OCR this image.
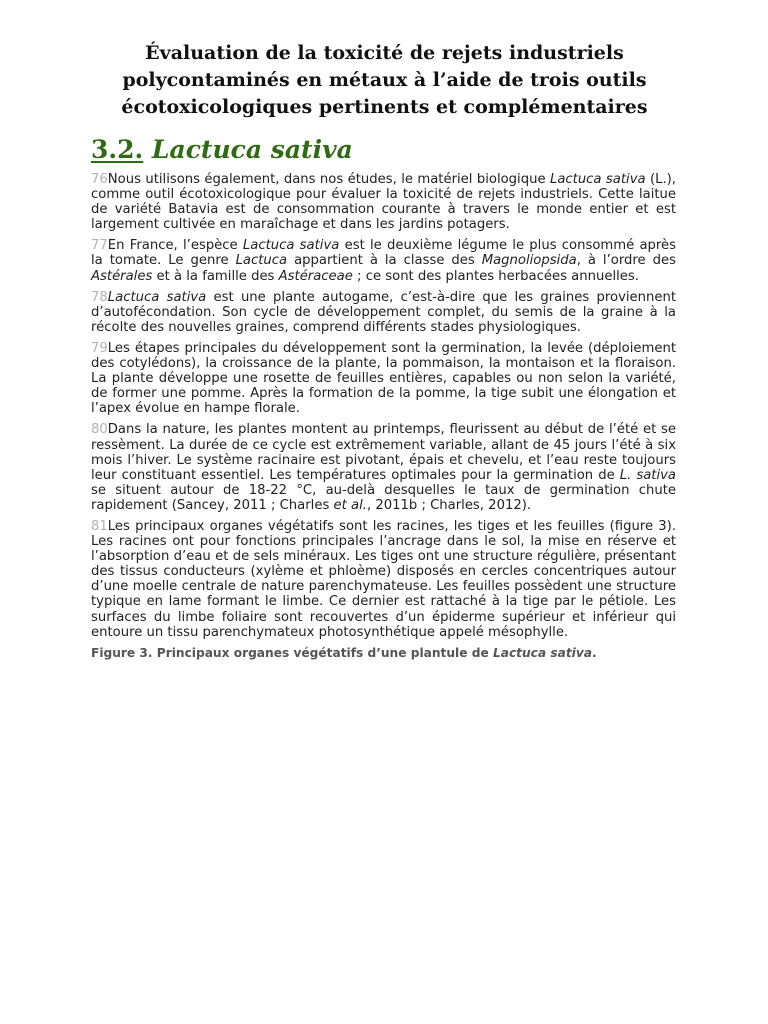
Évaluation de la toxicité de rejets industriels
polycontaminés en métaux à l’aide de trois outils
écotoxicologiques pertinents et complémentaires
3.2. Lactuca sativa

76Nous utilisons également, dans nos études, le matériel biologique Lactuca sativa (L.), comme outil écotoxicologique pour évaluer la toxicité de rejets industriels. Cette laitue de variété Batavia est de consommation courante à travers le monde entier et est largement cultivée en maraîchage et dans les jardins potagers.

77En France, l’espèce Lactuca sativa est le deuxième légume le plus consommé après la tomate. Le genre Lactuca appartient à la classe des Magnoliopsida, à l’ordre des Astérales et à la famille des Astéraceae ; ce sont des plantes herbacées annuelles.

78Lactuca sativa est une plante autogame, c’est-à-dire que les graines proviennent d’autofécondation. Son cycle de développement complet, du semis de la graine à la récolte des nouvelles graines, comprend différents stades physiologiques.

79Les étapes principales du développement sont la germination, la levée (déploiement des cotylédons), la croissance de la plante, la pommaison, la montaison et la floraison. La plante développe une rosette de feuilles entières, capables ou non selon la variété, de former une pomme. Après la formation de la pomme, la tige subit une élongation et l’apex évolue en hampe florale.

80Dans la nature, les plantes montent au printemps, fleurissent au début de l’été et se ressèment. La durée de ce cycle est extrêmement variable, allant de 45 jours l’été à six mois l’hiver. Le système racinaire est pivotant, épais et chevelu, et l’eau reste toujours leur constituant essentiel. Les températures optimales pour la germination de L. sativa se situent autour de 18-22 °C, au-delà desquelles le taux de germination chute rapidement (Sancey, 2011 ; Charles et al., 2011b ; Charles, 2012).

81Les principaux organes végétatifs sont les racines, les tiges et les feuilles (figure 3). Les racines ont pour fonctions principales l’ancrage dans le sol, la mise en réserve et l’absorption d’eau et de sels minéraux. Les tiges ont une structure régulière, présentant des tissus conducteurs (xylème et phloème) disposés en cercles concentriques autour d’une moelle centrale de nature parenchymateuse. Les feuilles possèdent une structure typique en lame formant le limbe. Ce dernier est rattaché à la tige par le pétiole. Les surfaces du limbe foliaire sont recouvertes d’un épiderme supérieur et inférieur qui entoure un tissu parenchymateux photosynthétique appelé mésophylle.

Figure 3. Principaux organes végétatifs d’une plantule de Lactuca sativa.
